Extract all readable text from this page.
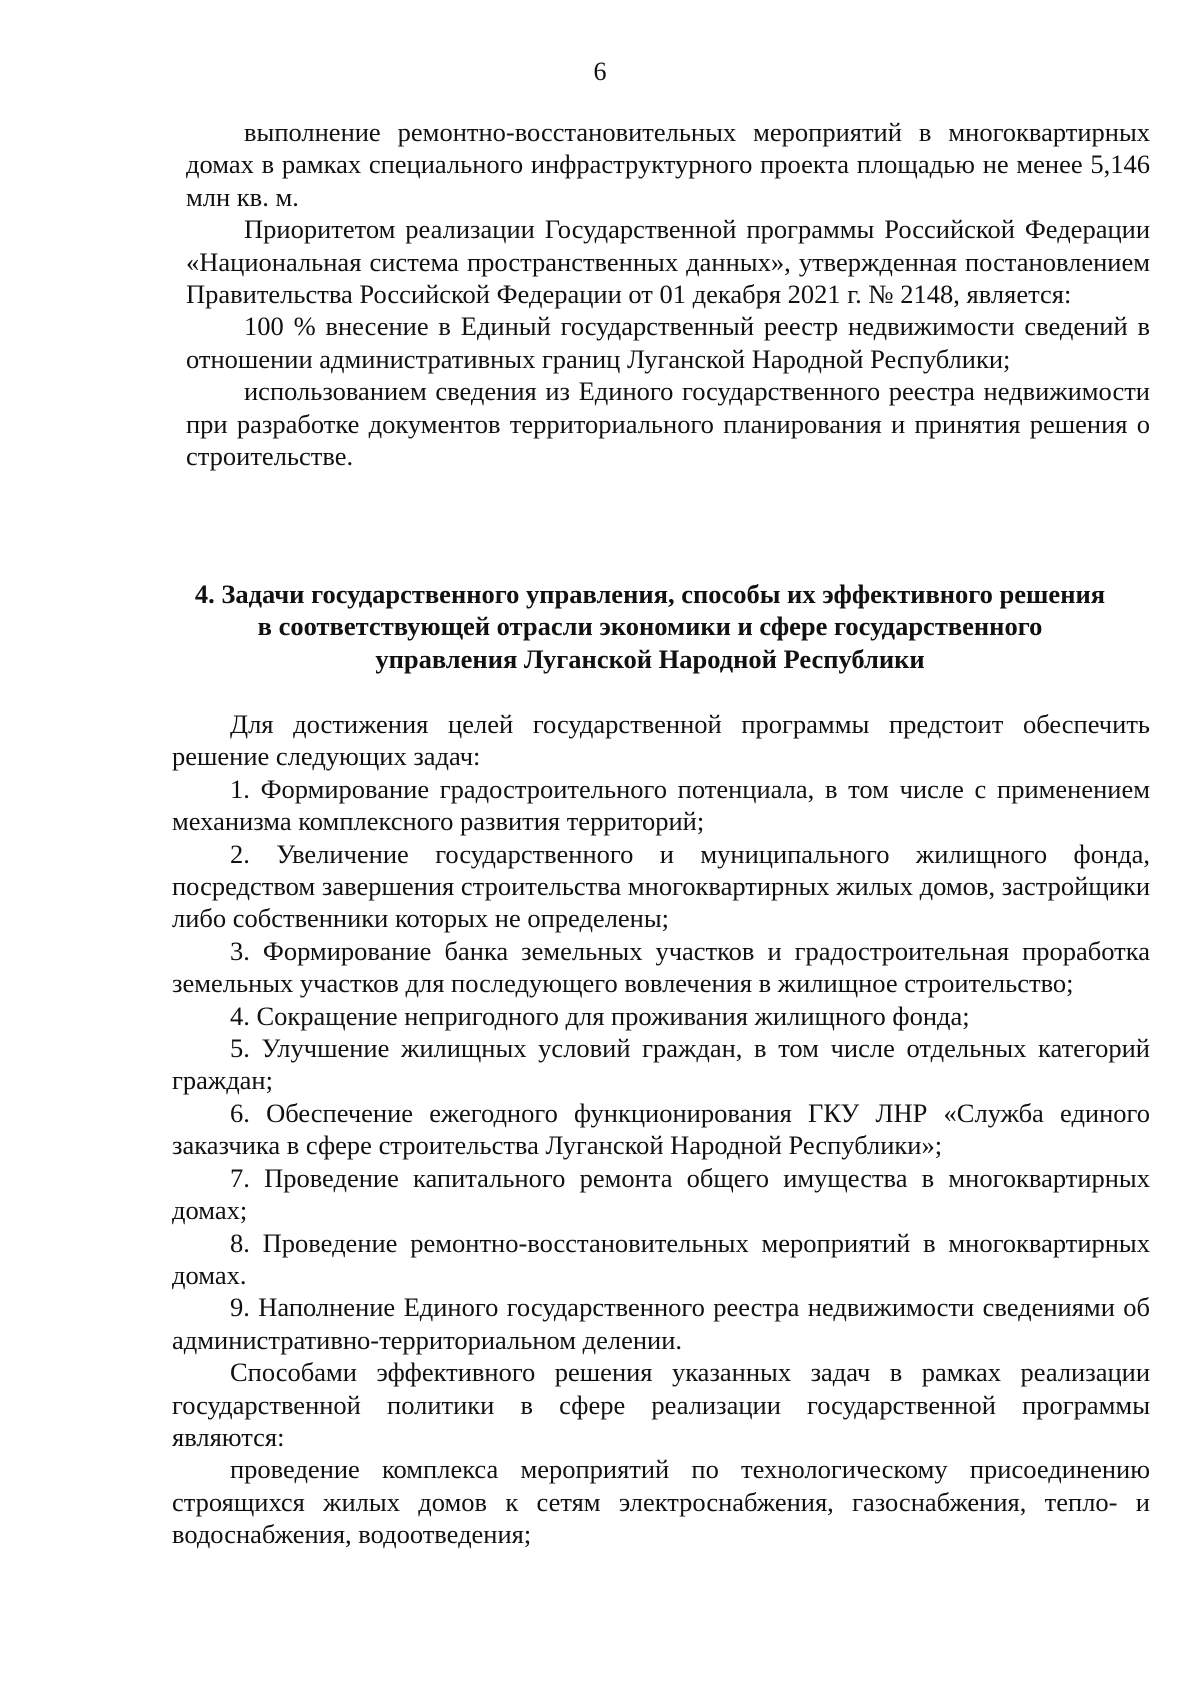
6

выполнение ремонтно-восстановительных мероприятий в многоквартирных домах в рамках специального инфраструктурного проекта площадью не менее 5,146 млн кв. м.

Приоритетом реализации Государственной программы Российской Федерации «Национальная система пространственных данных», утвержденная постановлением Правительства Российской Федерации от 01 декабря 2021 г. № 2148, является:

100 % внесение в Единый государственный реестр недвижимости сведений в отношении административных границ Луганской Народной Республики;

использованием сведения из Единого государственного реестра недвижимости при разработке документов территориального планирования и принятия решения о строительстве.

4. Задачи государственного управления, способы их эффективного решения
в соответствующей отрасли экономики и сфере государственного
управления Луганской Народной Республики

Для достижения целей государственной программы предстоит обеспечить решение следующих задач:

1. Формирование градостроительного потенциала, в том числе с применением механизма комплексного развития территорий;

2. Увеличение государственного и муниципального жилищного фонда, посредством завершения строительства многоквартирных жилых домов, застройщики либо собственники которых не определены;

3. Формирование банка земельных участков и градостроительная проработка земельных участков для последующего вовлечения в жилищное строительство;

4. Сокращение непригодного для проживания жилищного фонда;

5. Улучшение жилищных условий граждан, в том числе отдельных категорий граждан;

6. Обеспечение ежегодного функционирования ГКУ ЛНР «Служба единого заказчика в сфере строительства Луганской Народной Республики»;

7. Проведение капитального ремонта общего имущества в многоквартирных домах;

8. Проведение ремонтно-восстановительных мероприятий в многоквартирных домах.

9. Наполнение Единого государственного реестра недвижимости сведениями об административно-территориальном делении.

Способами эффективного решения указанных задач в рамках реализации государственной политики в сфере реализации государственной программы являются:

проведение комплекса мероприятий по технологическому присоединению строящихся жилых домов к сетям электроснабжения, газоснабжения, тепло- и водоснабжения, водоотведения;
